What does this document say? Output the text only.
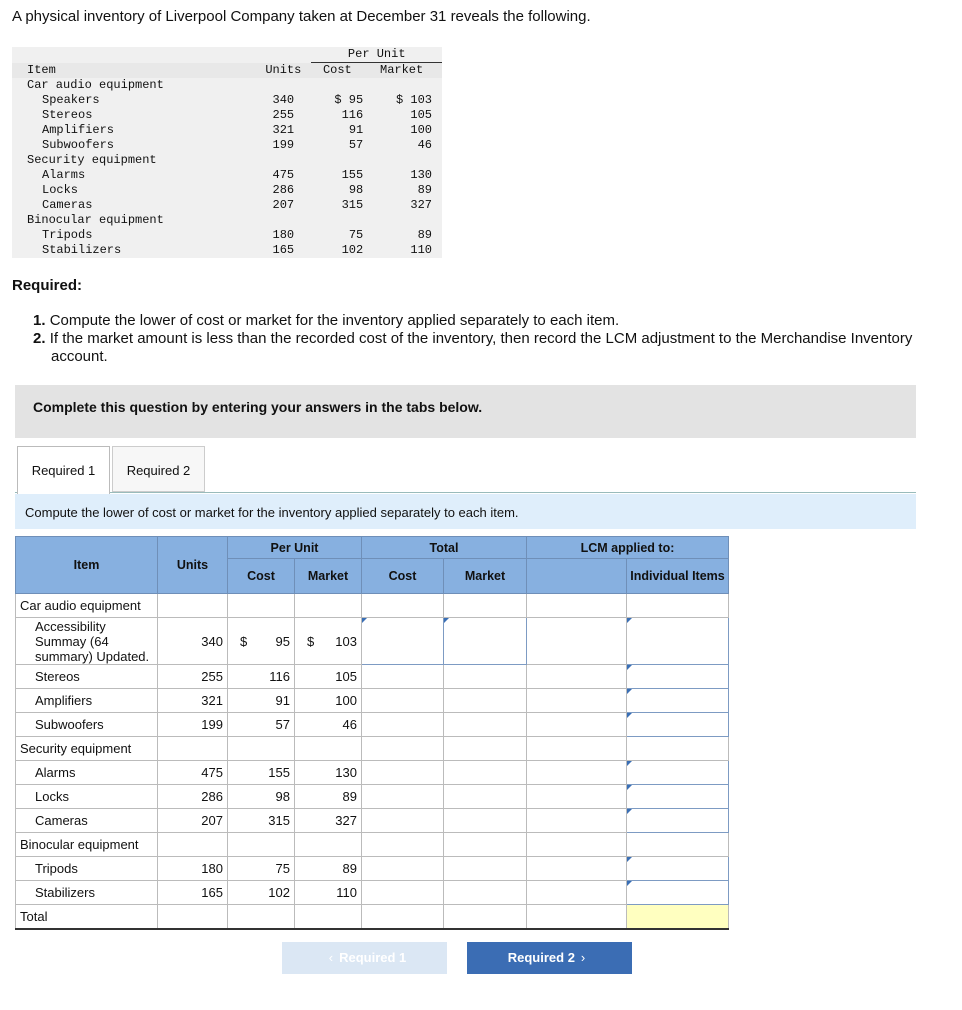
A physical inventory of Liverpool Company taken at December 31 reveals the following.
		Per Unit	
Item	Units	Cost	Market
Car audio equipment			
Speakers	340	$ 95	$ 103
Stereos	255	116	105
Amplifiers	321	91	100
Subwoofers	199	57	46
Security equipment			
Alarms	475	155	130
Locks	286	98	89
Cameras	207	315	327
Binocular equipment			
Tripods	180	75	89
Stabilizers	165	102	110
Required:
1. Compute the lower of cost or market for the inventory applied separately to each item.
2. If the market amount is less than the recorded cost of the inventory, then record the LCM adjustment to the Merchandise Inventory account.
Complete this question by entering your answers in the tabs below.
Required 1	Required 2
Compute the lower of cost or market for the inventory applied separately to each item.
Item	Units	Per Unit		Total		LCM applied to:	
		Cost	Market	Cost	Market		Individual Items
Car audio equipment							
Accessibility Summay (64 summary) Updated.	340	$ 95	$ 103				
Stereos	255	116	105				
Amplifiers	321	91	100				
Subwoofers	199	57	46				
Security equipment							
Alarms	475	155	130				
Locks	286	98	89				
Cameras	207	315	327				
Binocular equipment							
Tripods	180	75	89				
Stabilizers	165	102	110				
Total							
‹ Required 1	Required 2 ›
